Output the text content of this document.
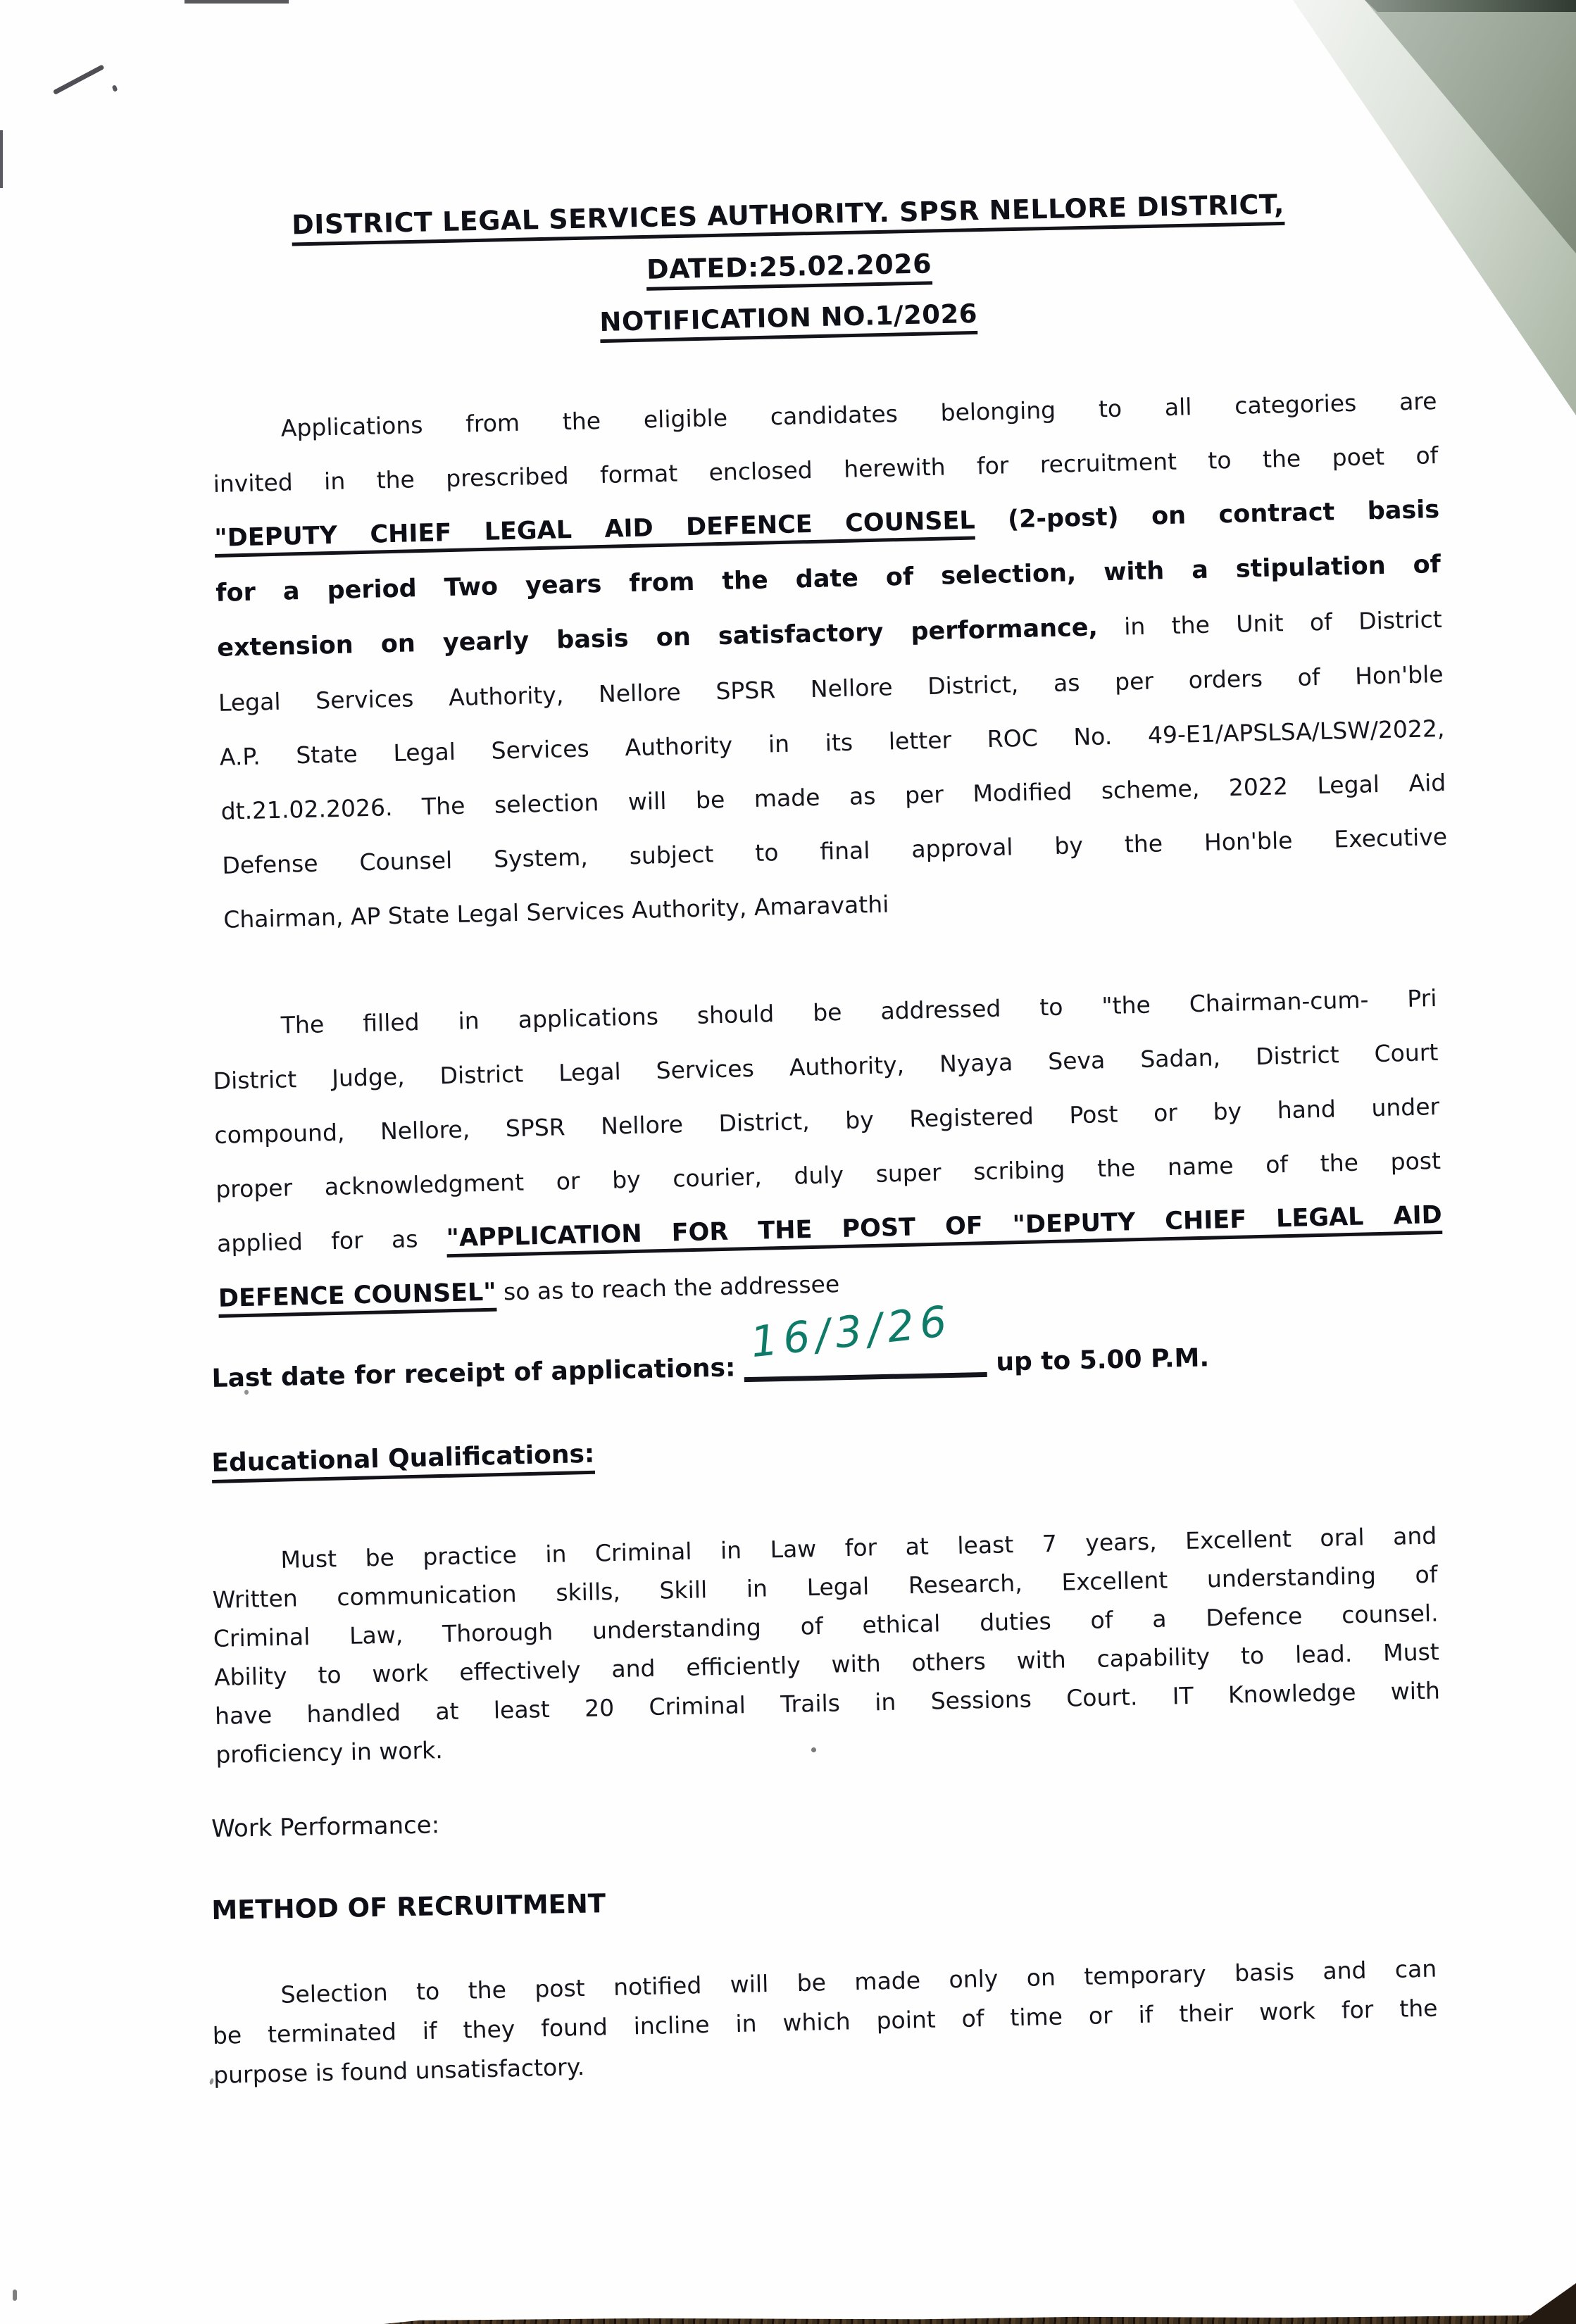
DISTRICT LEGAL SERVICES AUTHORITY. SPSR NELLORE DISTRICT,
DATED:25.02.2026
NOTIFICATION NO.1/2026
Applications from the eligible candidates belonging to all categories are
invited in the prescribed format enclosed herewith for recruitment to the poet of
"DEPUTY CHIEF LEGAL AID DEFENCE COUNSEL (2-post) on contract basis
for a period Two years from the date of selection, with a stipulation of
extension on yearly basis on satisfactory performance, in the Unit of District
Legal Services Authority, Nellore SPSR Nellore District, as per orders of Hon'ble
A.P. State Legal Services Authority in its letter ROC No. 49-E1/APSLSA/LSW/2022,
dt.21.02.2026. The selection will be made as per Modified scheme, 2022 Legal Aid
Defense Counsel System, subject to final approval by the Hon'ble Executive
Chairman, AP State Legal Services Authority, Amaravathi
The filled in applications should be addressed to "the Chairman-cum- Pri
District Judge, District Legal Services Authority, Nyaya Seva Sadan, District Court
compound, Nellore, SPSR Nellore District, by Registered Post or by hand under
proper acknowledgment or by courier, duly super scribing the name of the post
applied for as "APPLICATION FOR THE POST OF "DEPUTY CHIEF LEGAL AID
DEFENCE COUNSEL" so as to reach the addressee
Last date for receipt of applications:
16/3/26 up to 5.00 P.M.
Educational Qualifications:
Must be practice in Criminal in Law for at least 7 years, Excellent oral and
Written communication skills, Skill in Legal Research, Excellent understanding of
Criminal Law, Thorough understanding of ethical duties of a Defence counsel.
Ability to work effectively and efficiently with others with capability to lead. Must
have handled at least 20 Criminal Trails in Sessions Court. IT Knowledge with
proficiency in work.
Work Performance:
METHOD OF RECRUITMENT
Selection to the post notified will be made only on temporary basis and can
be terminated if they found incline in which point of time or if their work for the
purpose is found unsatisfactory.
